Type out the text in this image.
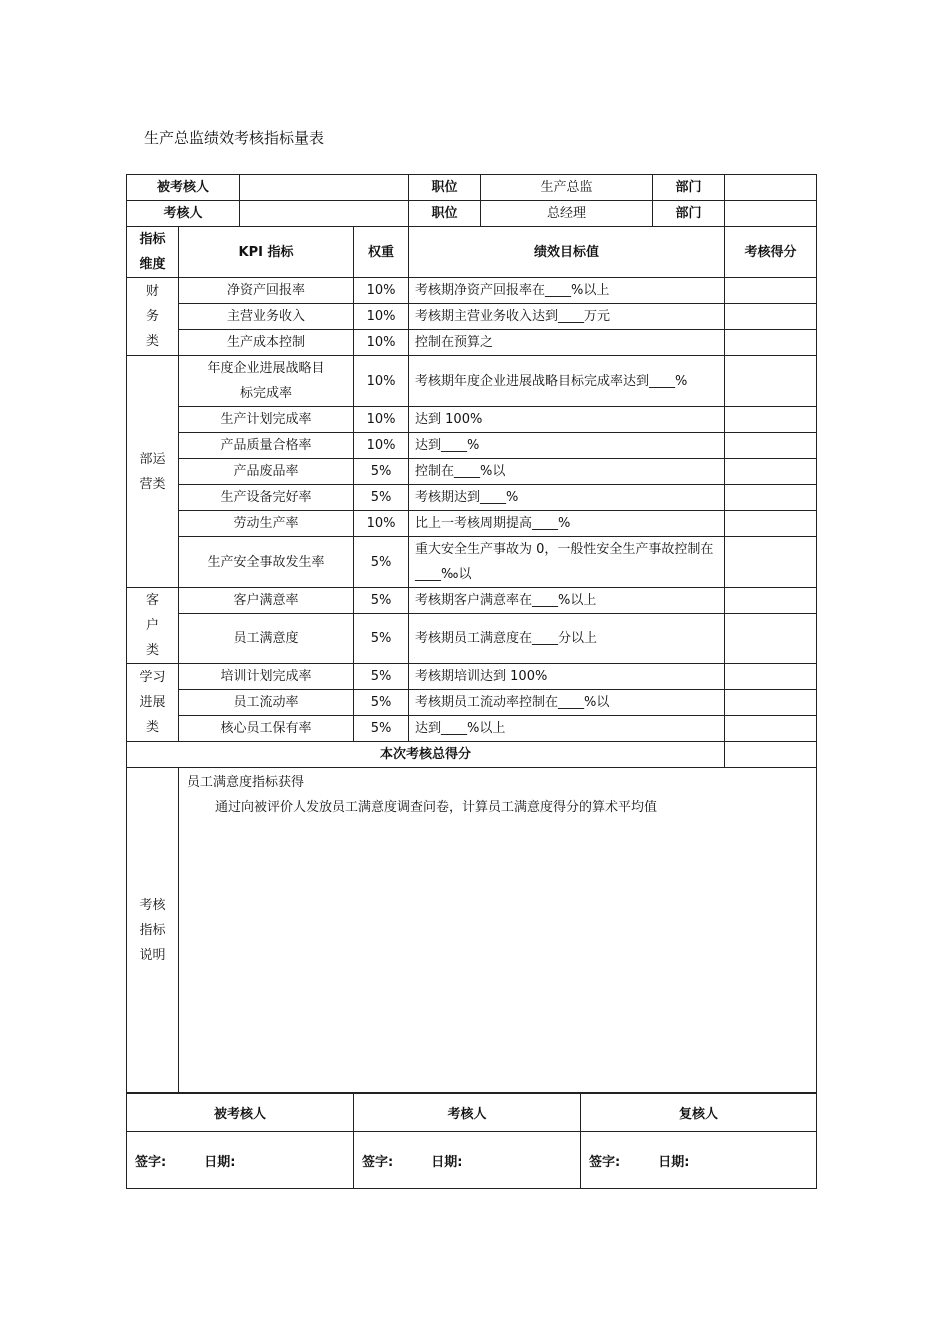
生产总监绩效考核指标量表
被考核人				职位	生产总监	部门	
考核人				职位	总经理	部门	
指标维度	KPI 指标		权重	绩效目标值			考核得分
财务类	净资产回报率		10%	考核期净资产回报率在____%以上			
	主营业务收入		10%	考核期主营业务收入达到____万元			
	生产成本控制		10%	控制在预算之			
部运营类	年度企业进展战略目标完成率		10%	考核期年度企业进展战略目标完成率达到____%			
	生产计划完成率		10%	达到 100%			
	产品质量合格率		10%	达到____%			
	产品废品率		5%	控制在____%以			
	生产设备完好率		5%	考核期达到____%			
	劳动生产率		10%	比上一考核周期提高____%			
	生产安全事故发生率		5%	重大安全生产事故为 0，一般性安全生产事故控制在____‰以			
客户类	客户满意率		5%	考核期客户满意率在____%以上			
	员工满意度		5%	考核期员工满意度在____分以上			
学习进展类	培训计划完成率		5%	考核期培训达到 100%			
	员工流动率		5%	考核期员工流动率控制在____%以			
	核心员工保有率		5%	达到____%以上			
本次考核总得分							
考核指标说明	员工满意度指标获得
通过向被评价人发放员工满意度调查问卷，计算员工满意度得分的算术平均值						
被考核人	考核人	复核人
签字: 日期:	签字: 日期:	签字: 日期:
